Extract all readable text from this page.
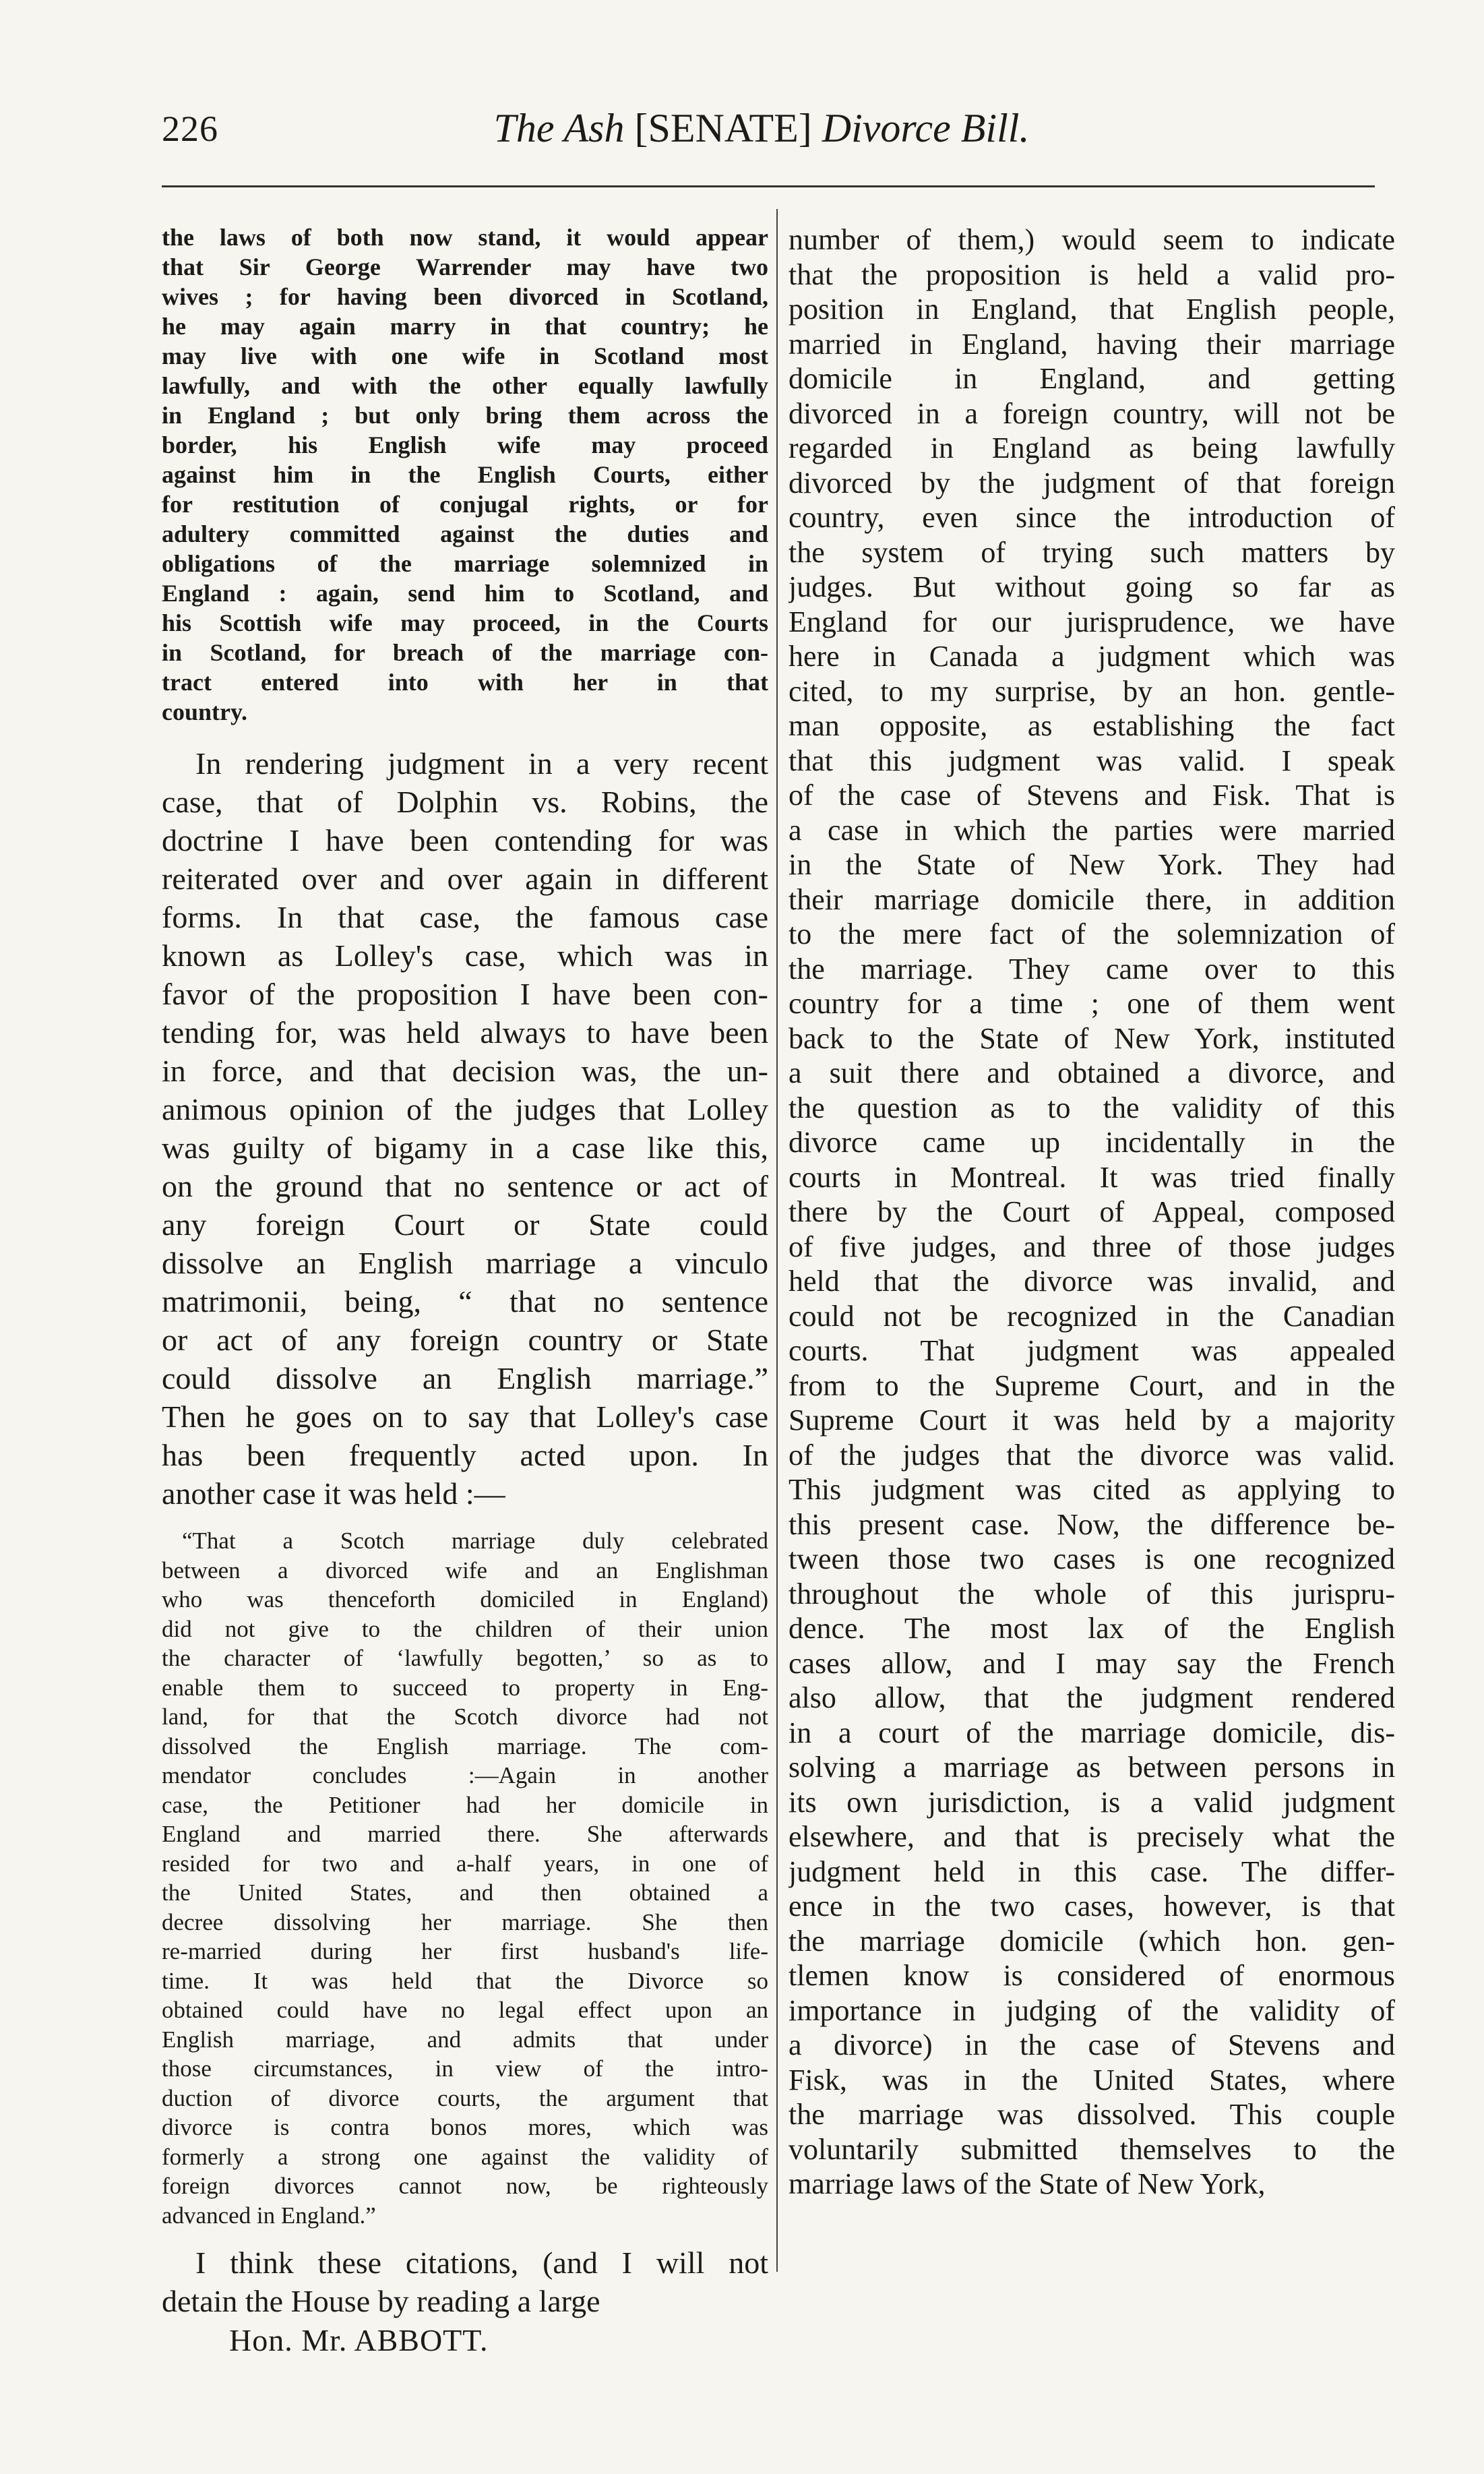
226	The Ash [SENATE] Divorce Bill.
the laws of both now stand, it would appear
that Sir George Warrender may have two
wives ; for having been divorced in Scotland,
he may again marry in that country; he
may live with one wife in Scotland most
lawfully, and with the other equally lawfully
in England ; but only bring them across the
border, his English wife may proceed
against him in the English Courts, either
for restitution of conjugal rights, or for
adultery committed against the duties and
obligations of the marriage solemnized in
England : again, send him to Scotland, and
his Scottish wife may proceed, in the Courts
in Scotland, for breach of the marriage con-
tract entered into with her in that
country.
In rendering judgment in a very recent
case, that of Dolphin vs. Robins, the
doctrine I have been contending for was
reiterated over and over again in different
forms. In that case, the famous case
known as Lolley's case, which was in
favor of the proposition I have been con-
tending for, was held always to have been
in force, and that decision was, the un-
animous opinion of the judges that Lolley
was guilty of bigamy in a case like this,
on the ground that no sentence or act of
any foreign Court or State could
dissolve an English marriage a vinculo
matrimonii, being, “ that no sentence
or act of any foreign country or State
could dissolve an English marriage.”
Then he goes on to say that Lolley's case
has been frequently acted upon. In
another case it was held :—
“That a Scotch marriage duly celebrated
between a divorced wife and an Englishman
who was thenceforth domiciled in England)
did not give to the children of their union
the character of ‘lawfully begotten,’ so as to
enable them to succeed to property in Eng-
land, for that the Scotch divorce had not
dissolved the English marriage. The com-
mendator concludes :—Again in another
case, the Petitioner had her domicile in
England and married there. She afterwards
resided for two and a-half years, in one of
the United States, and then obtained a
decree dissolving her marriage. She then
re-married during her first husband's life-
time. It was held that the Divorce so
obtained could have no legal effect upon an
English marriage, and admits that under
those circumstances, in view of the intro-
duction of divorce courts, the argument that
divorce is contra bonos mores, which was
formerly a strong one against the validity of
foreign divorces cannot now, be righteously
advanced in England.”
I think these citations, (and I will not
detain the House by reading a large
number of them,) would seem to indicate
that the proposition is held a valid pro-
position in England, that English people,
married in England, having their marriage
domicile in England, and getting
divorced in a foreign country, will not be
regarded in England as being lawfully
divorced by the judgment of that foreign
country, even since the introduction of
the system of trying such matters by
judges. But without going so far as
England for our jurisprudence, we have
here in Canada a judgment which was
cited, to my surprise, by an hon. gentle-
man opposite, as establishing the fact
that this judgment was valid. I speak
of the case of Stevens and Fisk. That is
a case in which the parties were married
in the State of New York. They had
their marriage domicile there, in addition
to the mere fact of the solemnization of
the marriage. They came over to this
country for a time ; one of them went
back to the State of New York, instituted
a suit there and obtained a divorce, and
the question as to the validity of this
divorce came up incidentally in the
courts in Montreal. It was tried finally
there by the Court of Appeal, composed
of five judges, and three of those judges
held that the divorce was invalid, and
could not be recognized in the Canadian
courts. That judgment was appealed
from to the Supreme Court, and in the
Supreme Court it was held by a majority
of the judges that the divorce was valid.
This judgment was cited as applying to
this present case. Now, the difference be-
tween those two cases is one recognized
throughout the whole of this jurispru-
dence. The most lax of the English
cases allow, and I may say the French
also allow, that the judgment rendered
in a court of the marriage domicile, dis-
solving a marriage as between persons in
its own jurisdiction, is a valid judgment
elsewhere, and that is precisely what the
judgment held in this case. The differ-
ence in the two cases, however, is that
the marriage domicile (which hon. gen-
tlemen know is considered of enormous
importance in judging of the validity of
a divorce) in the case of Stevens and
Fisk, was in the United States, where
the marriage was dissolved. This couple
voluntarily submitted themselves to the
marriage laws of the State of New York,
Hon. Mr. ABBOTT.
